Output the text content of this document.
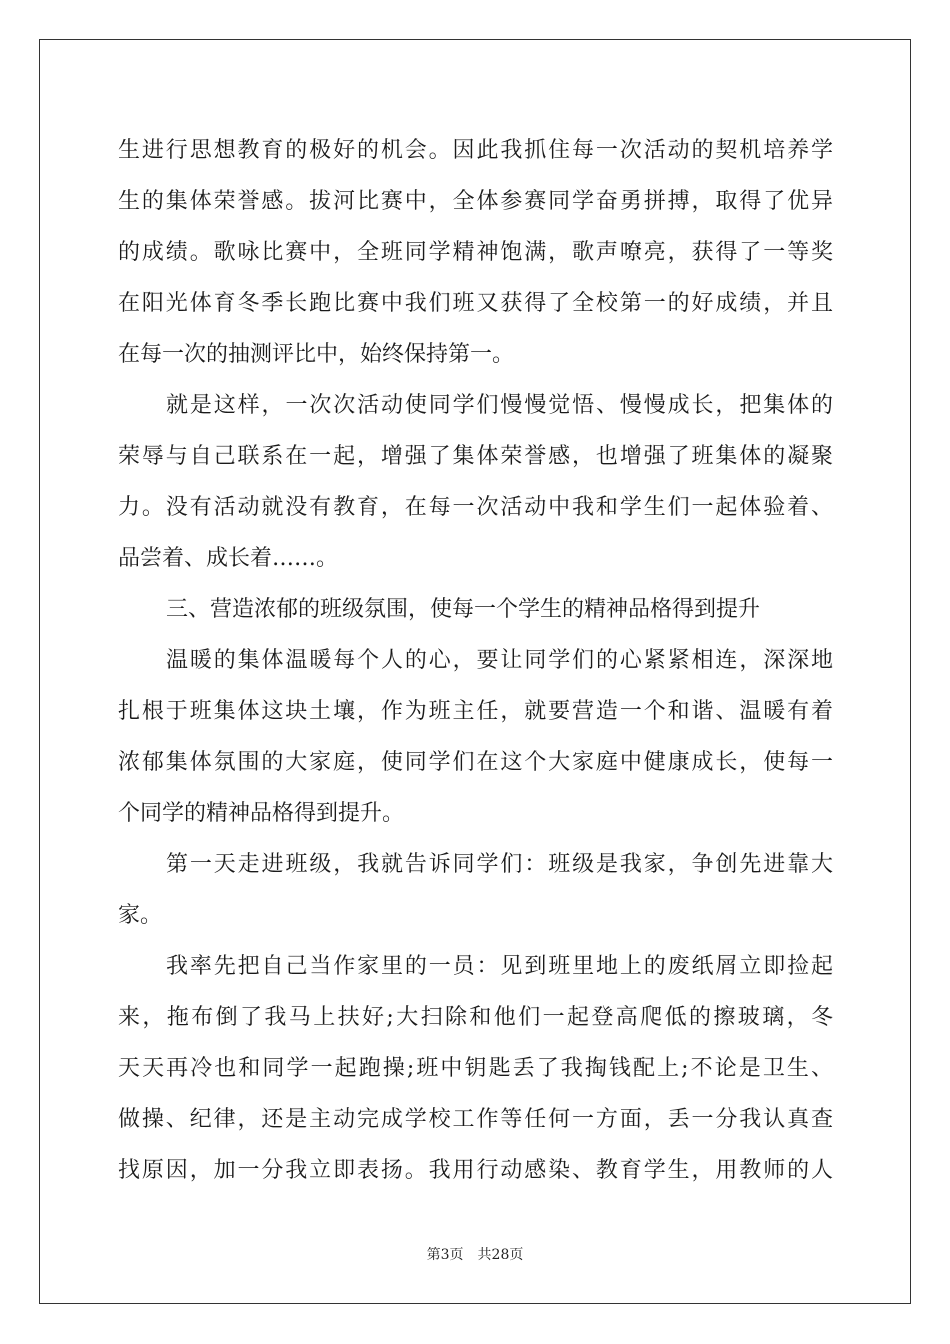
生进行思想教育的极好的机会。因此我抓住每一次活动的契机培养学
生的集体荣誉感。拔河比赛中，全体参赛同学奋勇拼搏，取得了优异
的成绩。歌咏比赛中，全班同学精神饱满，歌声嘹亮，获得了一等奖
在阳光体育冬季长跑比赛中我们班又获得了全校第一的好成绩，并且
在每一次的抽测评比中，始终保持第一。
就是这样，一次次活动使同学们慢慢觉悟、慢慢成长，把集体的
荣辱与自己联系在一起，增强了集体荣誉感，也增强了班集体的凝聚
力。没有活动就没有教育，在每一次活动中我和学生们一起体验着、
品尝着、成长着……。
三、营造浓郁的班级氛围，使每一个学生的精神品格得到提升
温暖的集体温暖每个人的心，要让同学们的心紧紧相连，深深地
扎根于班集体这块土壤，作为班主任，就要营造一个和谐、温暖有着
浓郁集体氛围的大家庭，使同学们在这个大家庭中健康成长，使每一
个同学的精神品格得到提升。
第一天走进班级，我就告诉同学们：班级是我家，争创先进靠大
家。
我率先把自己当作家里的一员：见到班里地上的废纸屑立即捡起
来，拖布倒了我马上扶好;大扫除和他们一起登高爬低的擦玻璃，冬
天天再冷也和同学一起跑操;班中钥匙丢了我掏钱配上;不论是卫生、
做操、纪律，还是主动完成学校工作等任何一方面，丢一分我认真查
找原因，加一分我立即表扬。我用行动感染、教育学生，用教师的人
第3页 共28页
